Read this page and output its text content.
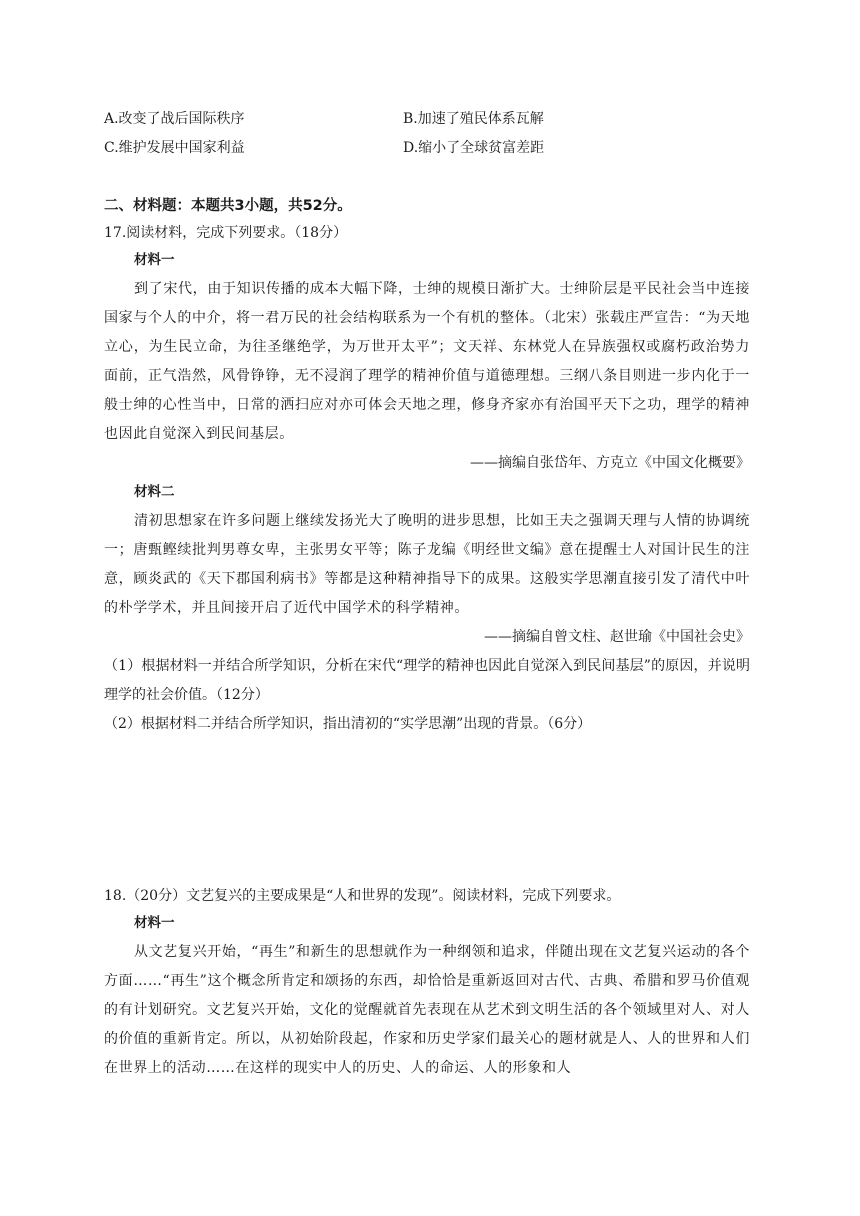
A.改变了战后国际秩序	B.加速了殖民体系瓦解
C.维护发展中国家利益	D.缩小了全球贫富差距
二、材料题：本题共3小题，共52分。
17.阅读材料，完成下列要求。（18分）
材料一

到了宋代，由于知识传播的成本大幅下降，士绅的规模日渐扩大。士绅阶层是平民社会当中连接国家与个人的中介，将一君万民的社会结构联系为一个有机的整体。（北宋）张载庄严宣告：“为天地立心，为生民立命，为往圣继绝学，为万世开太平”；文天祥、东林党人在异族强权或腐朽政治势力面前，正气浩然，风骨铮铮，无不浸润了理学的精神价值与道德理想。三纲八条目则进一步内化于一般士绅的心性当中，日常的洒扫应对亦可体会天地之理，修身齐家亦有治国平天下之功，理学的精神也因此自觉深入到民间基层。

——摘编自张岱年、方克立《中国文化概要》
材料二

清初思想家在许多问题上继续发扬光大了晚明的进步思想，比如王夫之强调天理与人情的协调统一；唐甄鲣续批判男尊女卑，主张男女平等；陈子龙编《明经世文编》意在提醒士人对国计民生的注意，顾炎武的《天下郡国利病书》等都是这种精神指导下的成果。这般实学思潮直接引发了清代中叶的朴学学术，并且间接开启了近代中国学术的科学精神。

——摘编自曾文柱、赵世瑜《中国社会史》

（1）根据材料一并结合所学知识，分析在宋代“理学的精神也因此自觉深入到民间基层”的原因，并说明理学的社会价值。（12分）

（2）根据材料二并结合所学知识，指出清初的“实学思潮”出现的背景。（6分）

18.（20分）文艺复兴的主要成果是“人和世界的发现”。阅读材料，完成下列要求。
材料一

从文艺复兴开始，“再生”和新生的思想就作为一种纲领和追求，伴随出现在文艺复兴运动的各个方面……“再生”这个概念所肯定和颂扬的东西，却恰恰是重新返回对古代、古典、希腊和罗马价值观的有计划研究。文艺复兴开始，文化的觉醒就首先表现在从艺术到文明生活的各个领域里对人、对人的价值的重新肯定。所以，从初始阶段起，作家和历史学家们最关心的题材就是人、人的世界和人们在世界上的活动……在这样的现实中人的历史、人的命运、人的形象和人
